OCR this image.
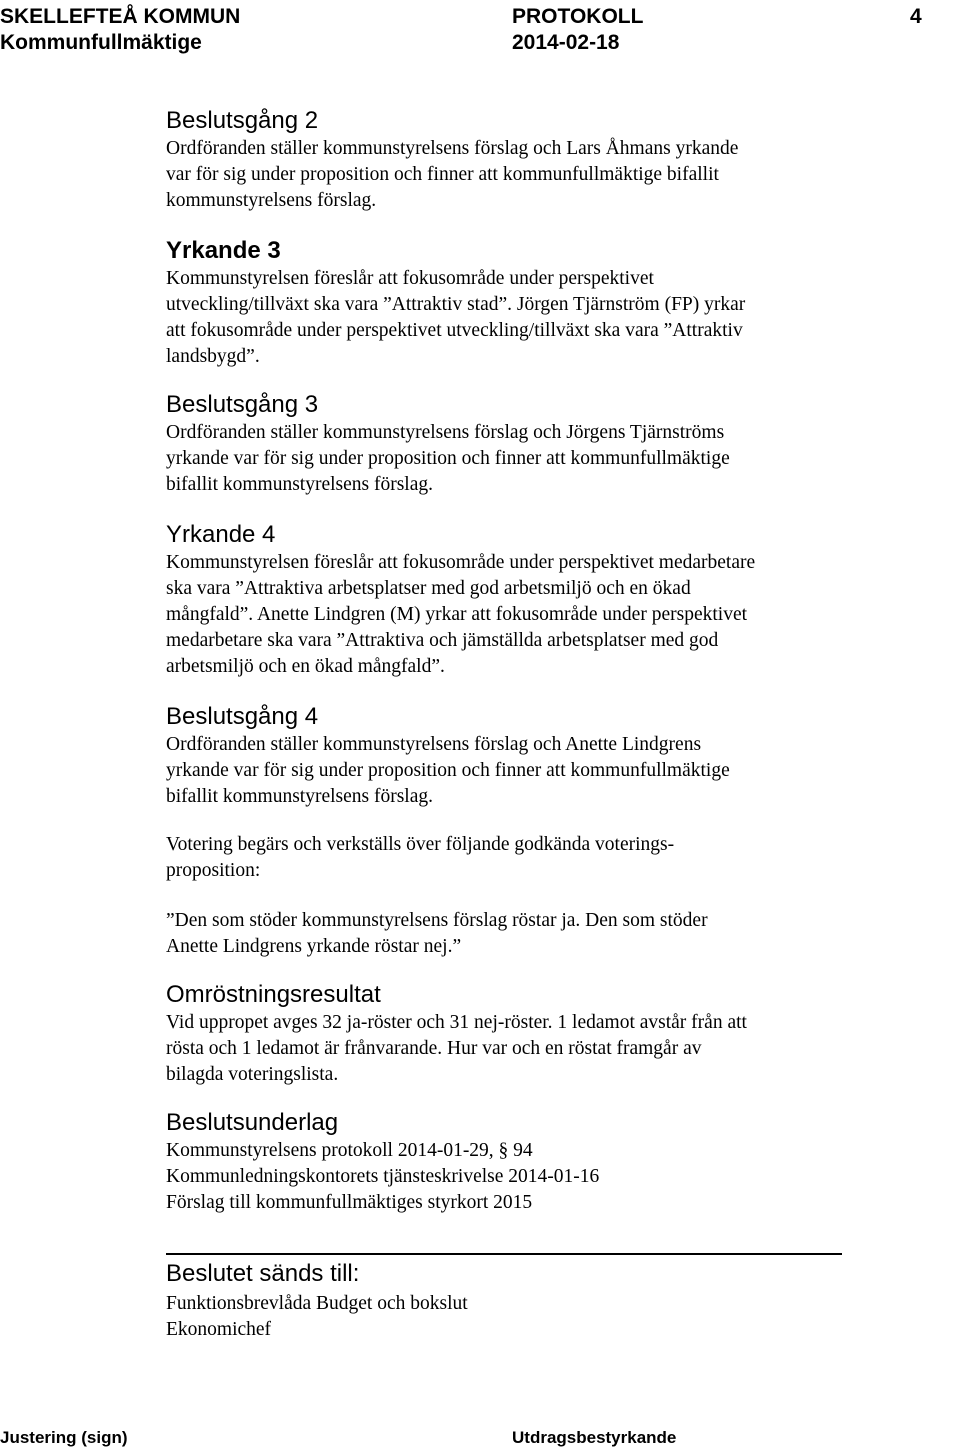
SKELLEFTEÅ KOMMUN	PROTOKOLL	4
Kommunfullmäktige	2014-02-18
Beslutsgång 2

Ordföranden ställer kommunstyrelsens förslag och Lars Åhmans yrkande
var för sig under proposition och finner att kommunfullmäktige bifallit
kommunstyrelsens förslag.

Yrkande 3

Kommunstyrelsen föreslår att fokusområde under perspektivet
utveckling/tillväxt ska vara ”Attraktiv stad”. Jörgen Tjärnström (FP) yrkar
att fokusområde under perspektivet utveckling/tillväxt ska vara ”Attraktiv
landsbygd”.

Beslutsgång 3

Ordföranden ställer kommunstyrelsens förslag och Jörgens Tjärnströms
yrkande var för sig under proposition och finner att kommunfullmäktige
bifallit kommunstyrelsens förslag.

Yrkande 4

Kommunstyrelsen föreslår att fokusområde under perspektivet medarbetare
ska vara ”Attraktiva arbetsplatser med god arbetsmiljö och en ökad
mångfald”. Anette Lindgren (M) yrkar att fokusområde under perspektivet
medarbetare ska vara ”Attraktiva och jämställda arbetsplatser med god
arbetsmiljö och en ökad mångfald”.

Beslutsgång 4

Ordföranden ställer kommunstyrelsens förslag och Anette Lindgrens
yrkande var för sig under proposition och finner att kommunfullmäktige
bifallit kommunstyrelsens förslag.

Votering begärs och verkställs över följande godkända voterings-
proposition:

”Den som stöder kommunstyrelsens förslag röstar ja. Den som stöder
Anette Lindgrens yrkande röstar nej.”

Omröstningsresultat

Vid uppropet avges 32 ja-röster och 31 nej-röster. 1 ledamot avstår från att
rösta och 1 ledamot är frånvarande. Hur var och en röstat framgår av
bilagda voteringslista.

Beslutsunderlag

Kommunstyrelsens protokoll 2014-01-29, § 94
Kommunledningskontorets tjänsteskrivelse 2014-01-16
Förslag till kommunfullmäktiges styrkort 2015

Beslutet sänds till:

Funktionsbrevlåda Budget och bokslut
Ekonomichef

Justering (sign)	Utdragsbestyrkande
